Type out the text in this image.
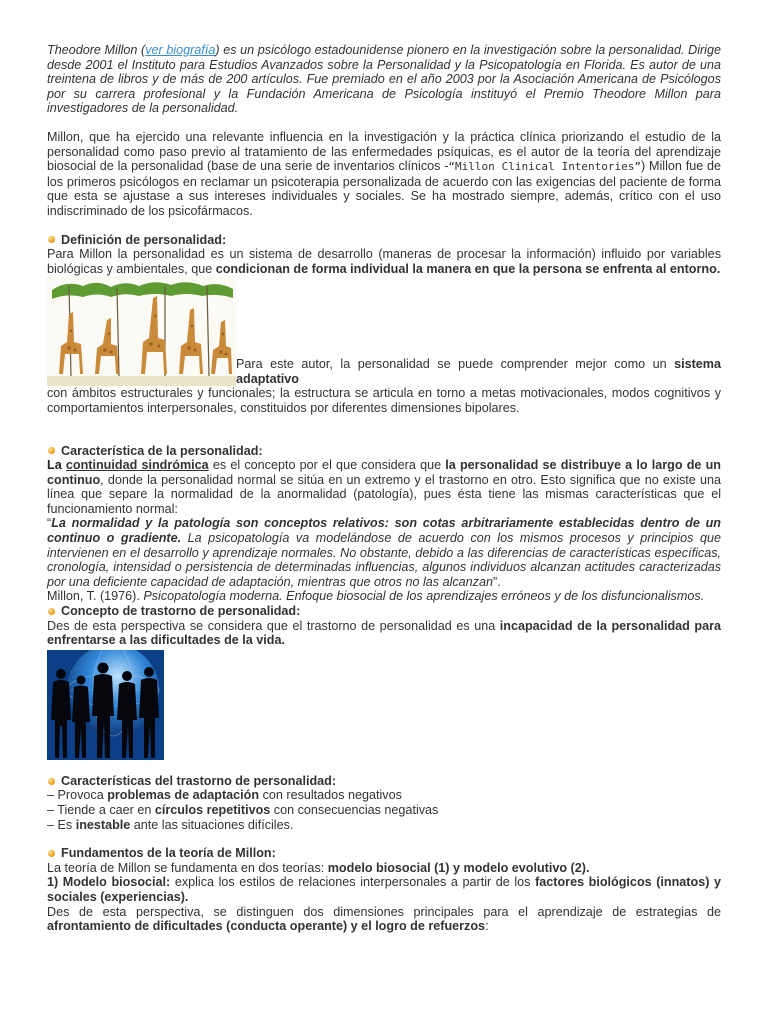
Theodore Millon (ver biografía) es un psicólogo estadounidense pionero en la investigación sobre la personalidad. Dirige desde 2001 el Instituto para Estudios Avanzados sobre la Personalidad y la Psicopatología en Florida. Es autor de una treintena de libros y de más de 200 artículos. Fue premiado en el año 2003 por la Asociación Americana de Psicólogos por su carrera profesional y la Fundación Americana de Psicología instituyó el Premio Theodore Millon para investigadores de la personalidad.

Millon, que ha ejercido una relevante influencia en la investigación y la práctica clínica priorizando el estudio de la personalidad como paso previo al tratamiento de las enfermedades psíquicas, es el autor de la teoría del aprendizaje biosocial de la personalidad (base de una serie de inventarios clínicos -“Millon Clinical Intentories”) Millon fue de los primeros psicólogos en reclamar un psicoterapia personalizada de acuerdo con las exigencias del paciente de forma que esta se ajustase a sus intereses individuales y sociales. Se ha mostrado siempre, además, crítico con el uso indiscriminado de los psicofármacos.

Definición de personalidad:

Para Millon la personalidad es un sistema de desarrollo (maneras de procesar la información) influido por variables biológicas y ambientales, que condicionan de forma individual la manera en que la persona se enfrenta al entorno.

Para este autor, la personalidad se puede comprender mejor como un sistema adaptativo

con ámbitos estructurales y funcionales; la estructura se articula en torno a metas motivacionales, modos cognitivos y comportamientos interpersonales, constituidos por diferentes dimensiones bipolares.

Característica de la personalidad:

La continuidad sindrómica es el concepto por el que considera que la personalidad se distribuye a lo largo de un continuo, donde la personalidad normal se sitúa en un extremo y el trastorno en otro. Esto significa que no existe una línea que separe la normalidad de la anormalidad (patología), pues ésta tiene las mismas características que el funcionamiento normal:

“La normalidad y la patología son conceptos relativos: son cotas arbitrariamente establecidas dentro de un continuo o gradiente. La psicopatología va modelándose de acuerdo con los mismos procesos y principios que intervienen en el desarrollo y aprendizaje normales. No obstante, debido a las diferencias de características específicas, cronología, intensidad o persistencia de determinadas influencias, algunos individuos alcanzan actitudes caracterizadas por una deficiente capacidad de adaptación, mientras que otros no las alcanzan”.

Millon, T. (1976). Psicopatología moderna. Enfoque biosocial de los aprendizajes erróneos y de los disfuncionalismos.

Concepto de trastorno de personalidad:

Des de esta perspectiva se considera que el trastorno de personalidad es una incapacidad de la personalidad para enfrentarse a las dificultades de la vida.

Características del trastorno de personalidad:

– Provoca problemas de adaptación con resultados negativos

– Tiende a caer en círculos repetitivos con consecuencias negativas

– Es inestable ante las situaciones difíciles.

Fundamentos de la teoría de Millon:

La teoría de Millon se fundamenta en dos teorías: modelo biosocial (1) y modelo evolutivo (2).

1) Modelo biosocial: explica los estilos de relaciones interpersonales a partir de los factores biológicos (innatos) y sociales (experiencias).

Des de esta perspectiva, se distinguen dos dimensiones principales para el aprendizaje de estrategias de afrontamiento de dificultades (conducta operante) y el logro de refuerzos:
